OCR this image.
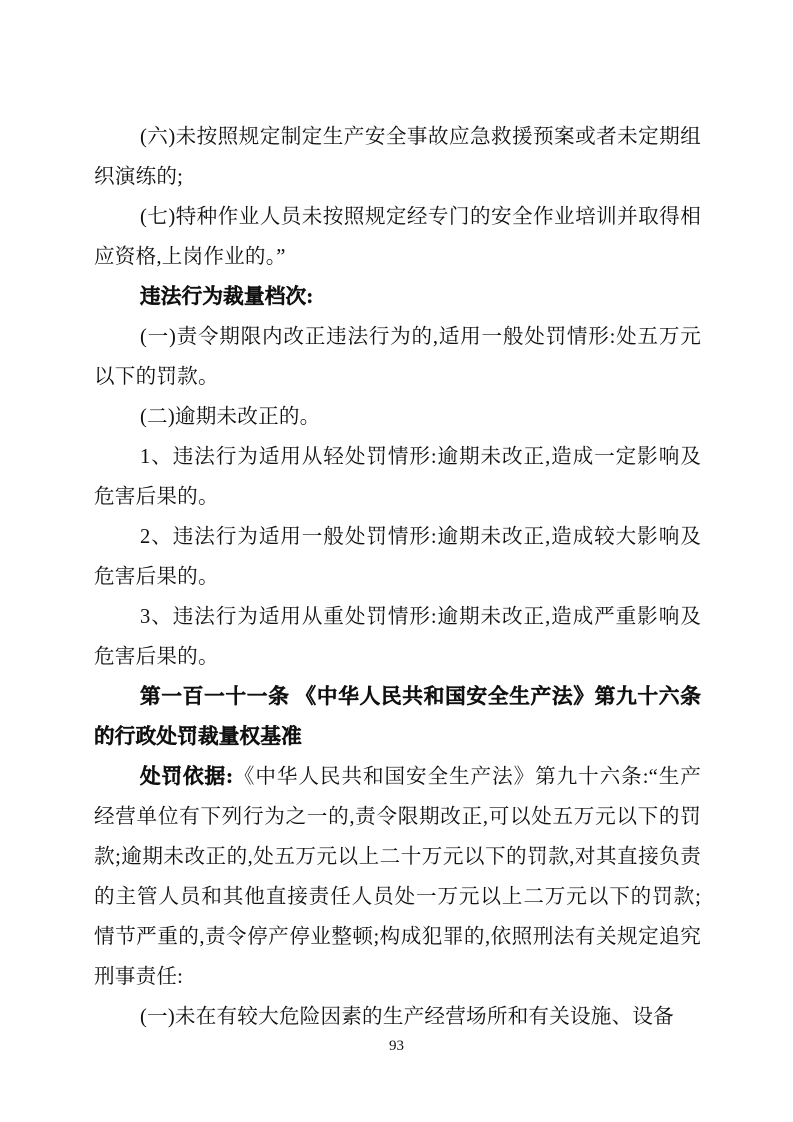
(六)未按照规定制定生产安全事故应急救援预案或者未定期组织演练的;

(七)特种作业人员未按照规定经专门的安全作业培训并取得相应资格,上岗作业的。”

违法行为裁量档次:

(一)责令期限内改正违法行为的,适用一般处罚情形:处五万元以下的罚款。

(二)逾期未改正的。

1、违法行为适用从轻处罚情形:逾期未改正,造成一定影响及危害后果的。

2、违法行为适用一般处罚情形:逾期未改正,造成较大影响及危害后果的。

3、违法行为适用从重处罚情形:逾期未改正,造成严重影响及危害后果的。

第一百一十一条 《中华人民共和国安全生产法》第九十六条的行政处罚裁量权基准

处罚依据:《中华人民共和国安全生产法》第九十六条:“生产经营单位有下列行为之一的,责令限期改正,可以处五万元以下的罚款;逾期未改正的,处五万元以上二十万元以下的罚款,对其直接负责的主管人员和其他直接责任人员处一万元以上二万元以下的罚款;情节严重的,责令停产停业整顿;构成犯罪的,依照刑法有关规定追究刑事责任:

(一)未在有较大危险因素的生产经营场所和有关设施、设备

93
